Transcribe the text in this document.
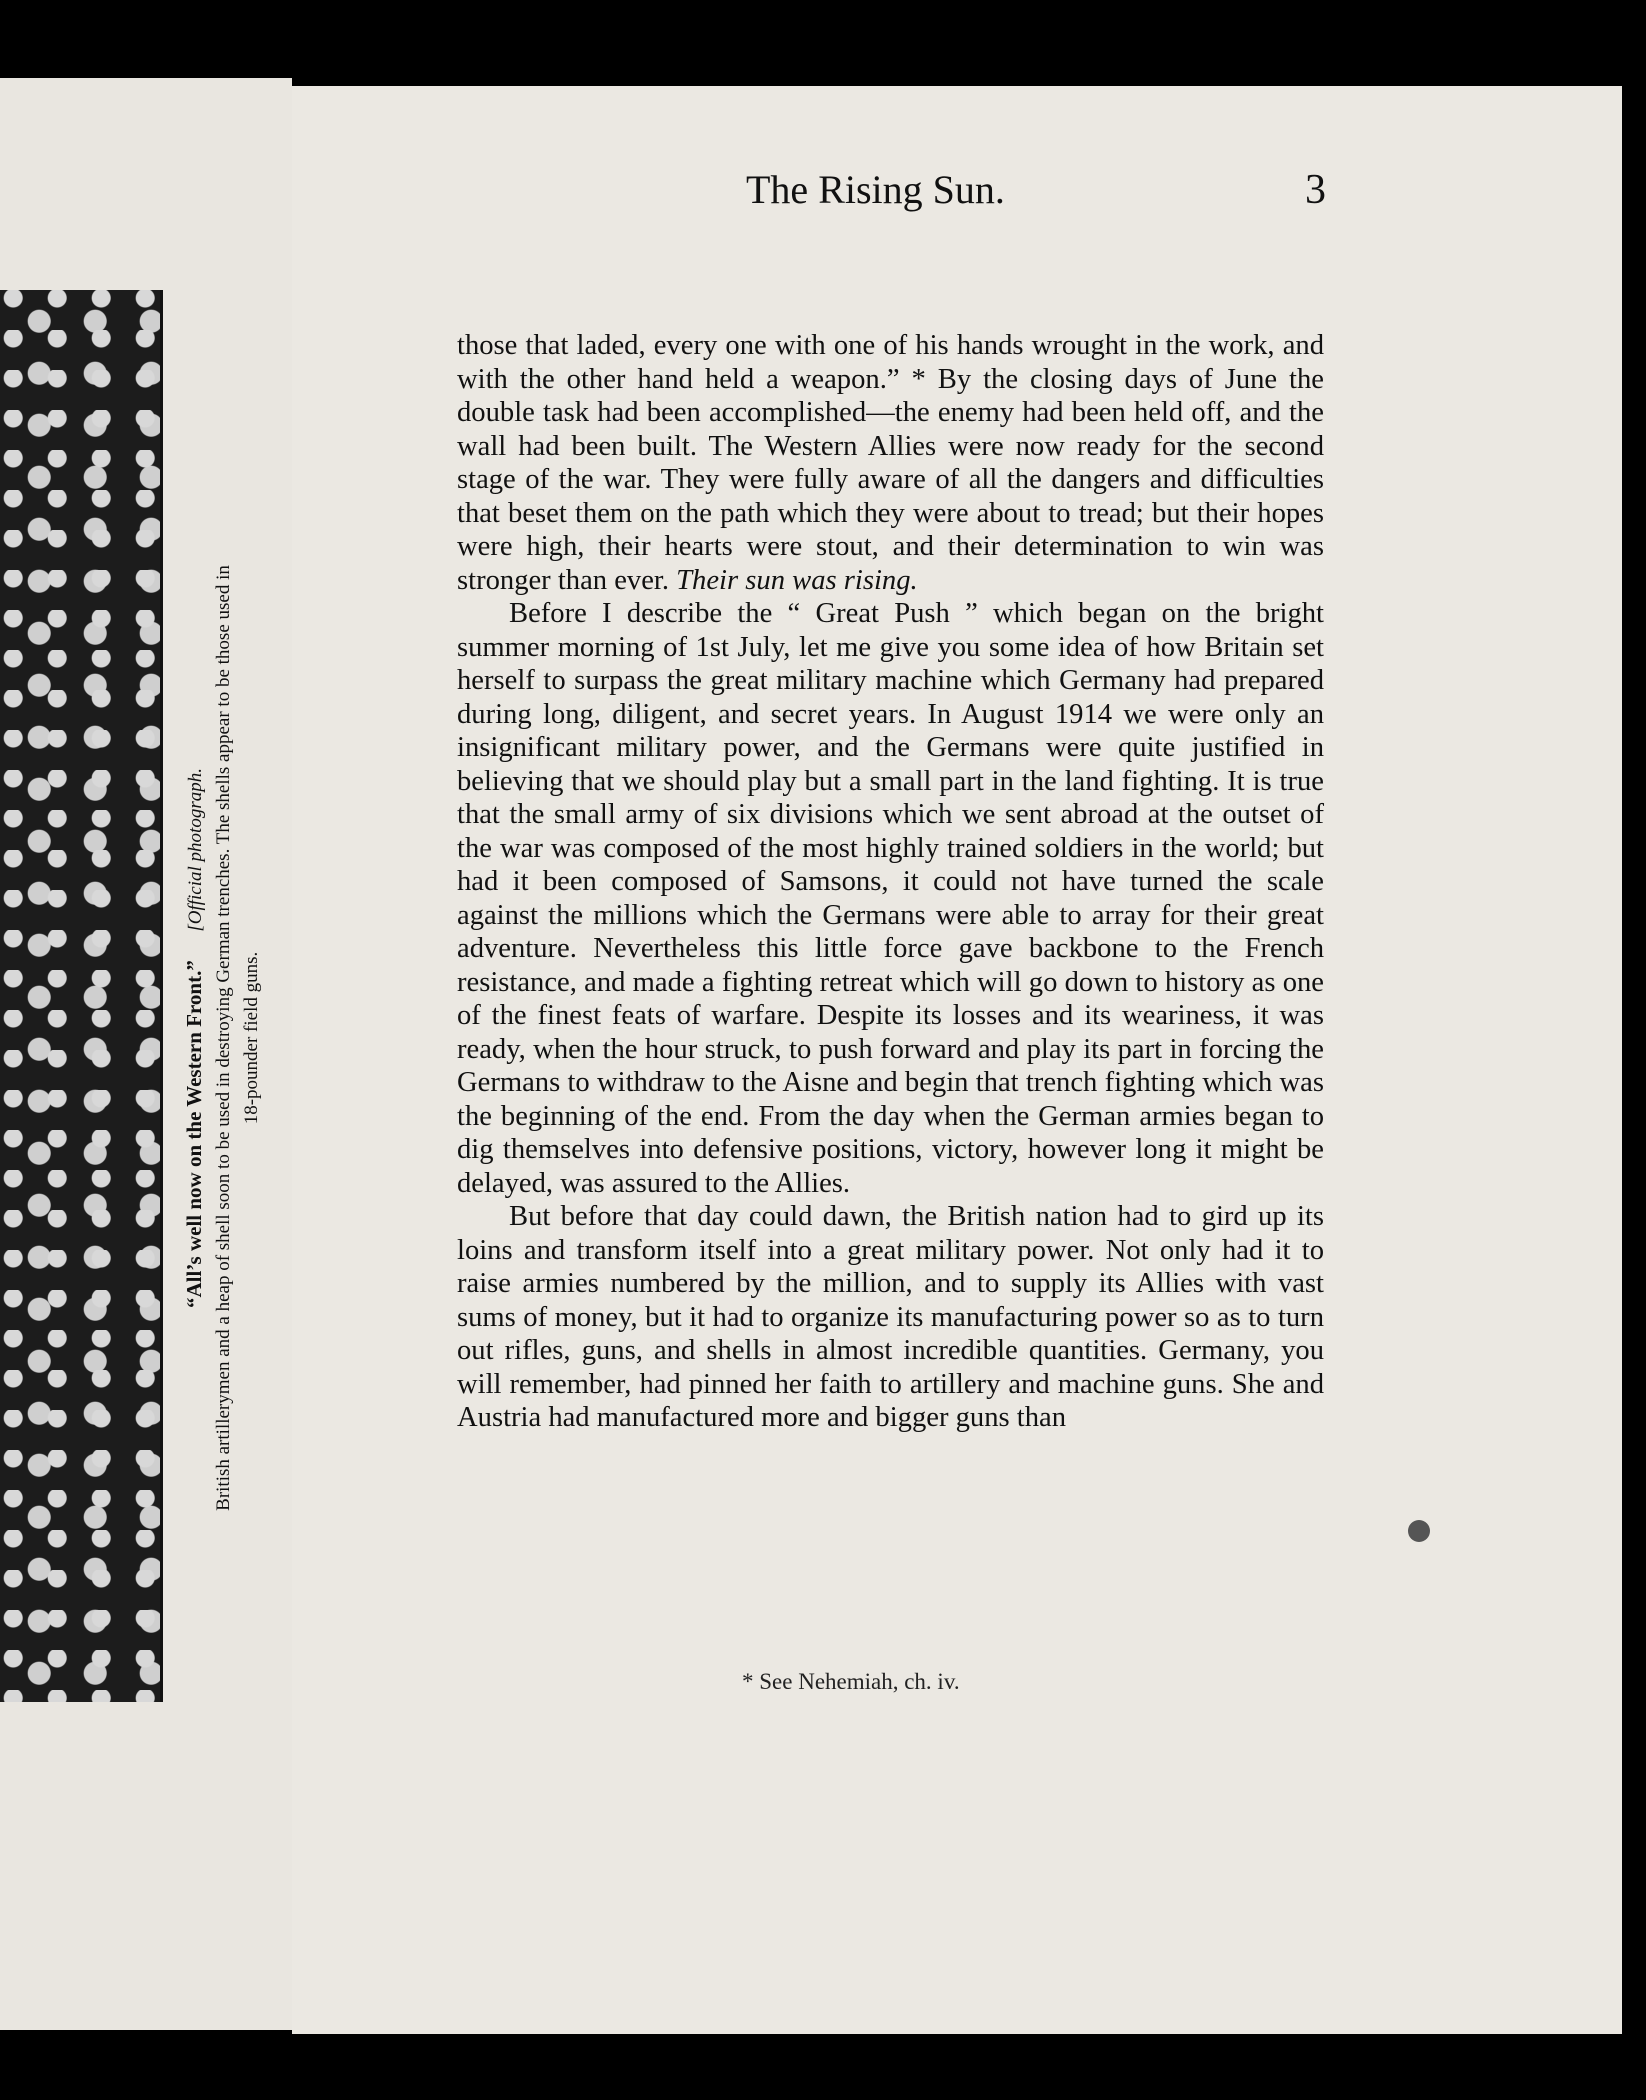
“All’s well now on the Western Front.”      [Official photograph. British artillerymen and a heap of shell soon to be used in destroying German trenches. The shells appear to be those used in 18-pounder field guns.
The Rising Sun.	3

those that laded, every one with one of his hands wrought in the work, and with the other hand held a weapon.” * By the closing days of June the double task had been accomplished—the enemy had been held off, and the wall had been built. The Western Allies were now ready for the second stage of the war. They were fully aware of all the dangers and difficulties that beset them on the path which they were about to tread; but their hopes were high, their hearts were stout, and their determination to win was stronger than ever. Their sun was rising.

Before I describe the “ Great Push ” which began on the bright summer morning of 1st July, let me give you some idea of how Britain set herself to surpass the great military machine which Germany had prepared during long, diligent, and secret years. In August 1914 we were only an insignificant military power, and the Germans were quite justified in believing that we should play but a small part in the land fighting. It is true that the small army of six divisions which we sent abroad at the outset of the war was composed of the most highly trained soldiers in the world; but had it been composed of Samsons, it could not have turned the scale against the millions which the Germans were able to array for their great adventure. Nevertheless this little force gave backbone to the French resistance, and made a fighting retreat which will go down to history as one of the finest feats of warfare. Despite its losses and its weariness, it was ready, when the hour struck, to push forward and play its part in forcing the Germans to withdraw to the Aisne and begin that trench fighting which was the beginning of the end. From the day when the German armies began to dig themselves into defensive positions, victory, however long it might be delayed, was assured to the Allies.

But before that day could dawn, the British nation had to gird up its loins and transform itself into a great military power. Not only had it to raise armies numbered by the million, and to supply its Allies with vast sums of money, but it had to organize its manufacturing power so as to turn out rifles, guns, and shells in almost incredible quantities. Germany, you will remember, had pinned her faith to artillery and machine guns. She and Austria had manufactured more and bigger guns than

* See Nehemiah, ch. iv.
